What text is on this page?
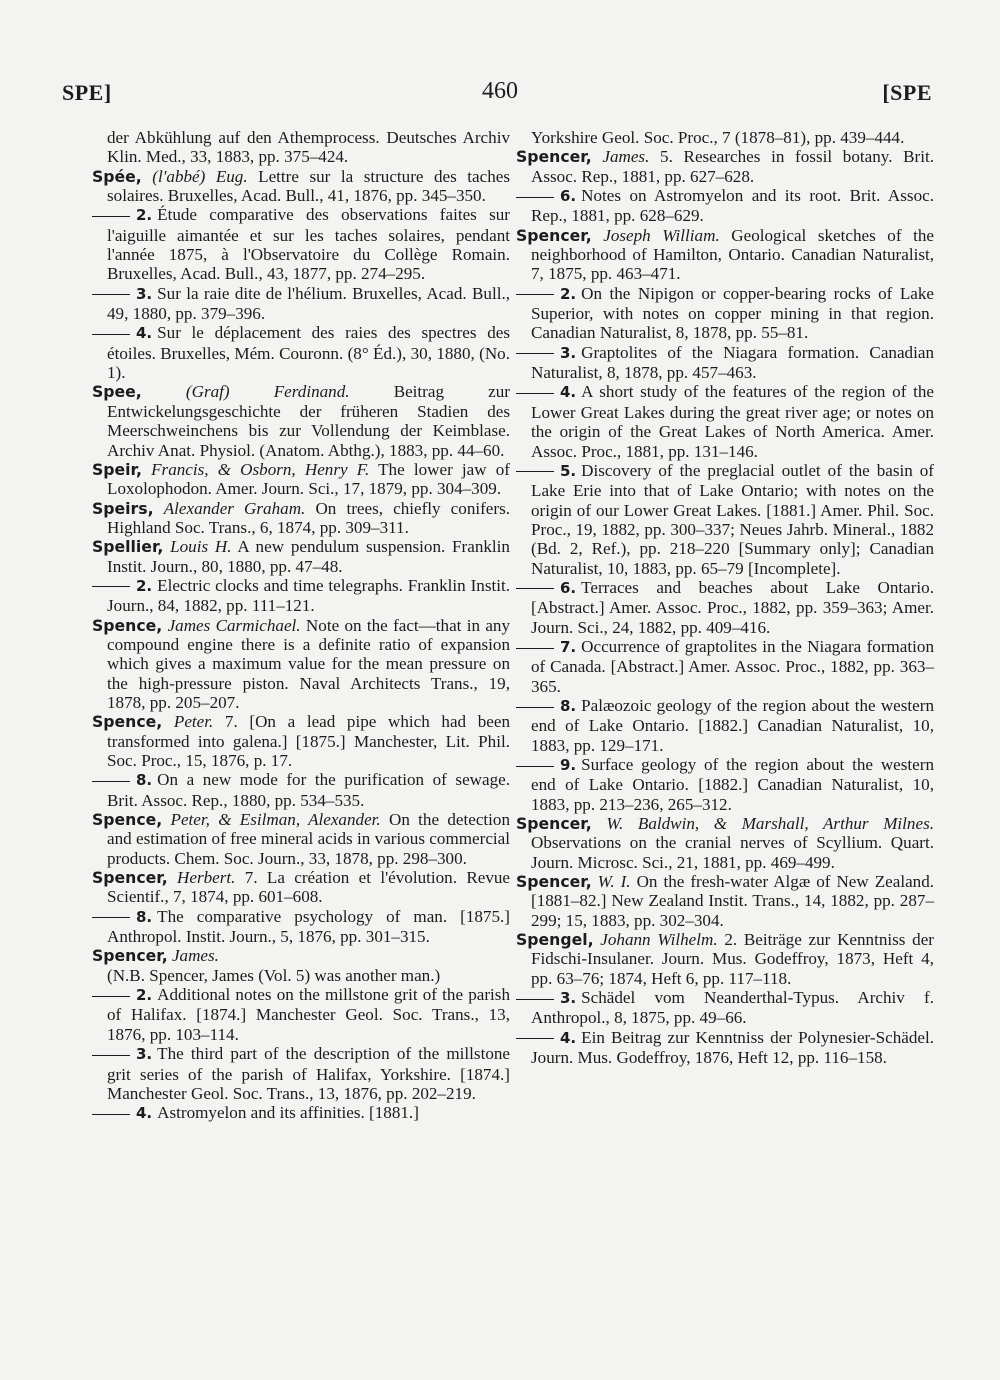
SPE]	460	[SPE

der Abkühlung auf den Athemprocess. Deutsches Archiv Klin. Med., 33, 1883, pp. 375–424.

Spée, (l'abbé) Eug. Lettre sur la structure des taches solaires. Bruxelles, Acad. Bull., 41, 1876, pp. 345–350.

2. Étude comparative des observations faites sur l'aiguille aimantée et sur les taches solaires, pendant l'année 1875, à l'Observatoire du Collège Romain. Bruxelles, Acad. Bull., 43, 1877, pp. 274–295.

3. Sur la raie dite de l'hélium. Bruxelles, Acad. Bull., 49, 1880, pp. 379–396.

4. Sur le déplacement des raies des spectres des étoiles. Bruxelles, Mém. Couronn. (8° Éd.), 30, 1880, (No. 1).

Spee,	(Graf) Ferdinand.	Beitrag zur Entwickelungsgeschichte der früheren Stadien des Meerschweinchens bis zur Vollendung der Keimblase. Archiv Anat. Physiol. (Anatom. Abthg.), 1883, pp. 44–60.

Speir, Francis, & Osborn, Henry F. The lower jaw of Loxolophodon. Amer. Journ. Sci., 17, 1879, pp. 304–309.

Speirs, Alexander Graham. On trees, chiefly conifers. Highland Soc. Trans., 6, 1874, pp. 309–311.

Spellier, Louis H. A new pendulum suspension. Franklin Instit. Journ., 80, 1880, pp. 47–48.

2. Electric clocks and time telegraphs. Franklin Instit. Journ., 84, 1882, pp. 111–121.

Spence, James Carmichael. Note on the fact—that in any compound engine there is a definite ratio of expansion which gives a maximum value for the mean pressure on the high-pressure piston. Naval Architects Trans., 19, 1878, pp. 205–207.

Spence, Peter. 7. [On a lead pipe which had been transformed into galena.] [1875.] Manchester, Lit. Phil. Soc. Proc., 15, 1876, p. 17.

8. On a new mode for the purification of sewage. Brit. Assoc. Rep., 1880, pp. 534–535.

Spence, Peter, & Esilman, Alexander. On the detection and estimation of free mineral acids in various commercial products. Chem. Soc. Journ., 33, 1878, pp. 298–300.

Spencer, Herbert. 7. La création et l'évolution. Revue Scientif., 7, 1874, pp. 601–608.

8. The comparative psychology of man. [1875.] Anthropol. Instit. Journ., 5, 1876, pp. 301–315.

Spencer, James.

(N.B. Spencer, James (Vol. 5) was another man.)

2. Additional notes on the millstone grit of the parish of Halifax. [1874.] Manchester Geol. Soc. Trans., 13, 1876, pp. 103–114.

3. The third part of the description of the millstone grit series of the parish of Halifax, Yorkshire. [1874.] Manchester Geol. Soc. Trans., 13, 1876, pp. 202–219.

4. Astromyelon and its affinities. [1881.]

Yorkshire Geol. Soc. Proc., 7 (1878–81), pp. 439–444.

Spencer, James. 5. Researches in fossil botany. Brit. Assoc. Rep., 1881, pp. 627–628.

6. Notes on Astromyelon and its root. Brit. Assoc. Rep., 1881, pp. 628–629.

Spencer, Joseph William. Geological sketches of the neighborhood of Hamilton, Ontario. Canadian Naturalist, 7, 1875, pp. 463–471.

2. On the Nipigon or copper-bearing rocks of Lake Superior, with notes on copper mining in that region. Canadian Naturalist, 8, 1878, pp. 55–81.

3. Graptolites of the Niagara formation. Canadian Naturalist, 8, 1878, pp. 457–463.

4. A short study of the features of the region of the Lower Great Lakes during the great river age; or notes on the origin of the Great Lakes of North America. Amer. Assoc. Proc., 1881, pp. 131–146.

5. Discovery of the preglacial outlet of the basin of Lake Erie into that of Lake Ontario; with notes on the origin of our Lower Great Lakes. [1881.] Amer. Phil. Soc. Proc., 19, 1882, pp. 300–337; Neues Jahrb. Mineral., 1882 (Bd. 2, Ref.), pp. 218–220 [Summary only]; Canadian Naturalist, 10, 1883, pp. 65–79 [Incomplete].

6. Terraces and beaches about Lake Ontario. [Abstract.] Amer. Assoc. Proc., 1882, pp. 359–363; Amer. Journ. Sci., 24, 1882, pp. 409–416.

7. Occurrence of graptolites in the Niagara formation of Canada. [Abstract.] Amer. Assoc. Proc., 1882, pp. 363–365.

8. Palæozoic geology of the region about the western end of Lake Ontario. [1882.] Canadian Naturalist, 10, 1883, pp. 129–171.

9. Surface geology of the region about the western end of Lake Ontario. [1882.] Canadian Naturalist, 10, 1883, pp. 213–236, 265–312.

Spencer, W. Baldwin, & Marshall, Arthur Milnes. Observations on the cranial nerves of Scyllium. Quart. Journ. Microsc. Sci., 21, 1881, pp. 469–499.

Spencer, W. I. On the fresh-water Algæ of New Zealand. [1881–82.] New Zealand Instit. Trans., 14, 1882, pp. 287–299; 15, 1883, pp. 302–304.

Spengel, Johann Wilhelm. 2. Beiträge zur Kenntniss der Fidschi-Insulaner. Journ. Mus. Godeffroy, 1873, Heft 4, pp. 63–76; 1874, Heft 6, pp. 117–118.

3. Schädel vom Neanderthal-Typus. Archiv f. Anthropol., 8, 1875, pp. 49–66.

4. Ein Beitrag zur Kenntniss der Polynesier-Schädel. Journ. Mus. Godeffroy, 1876, Heft 12, pp. 116–158.
